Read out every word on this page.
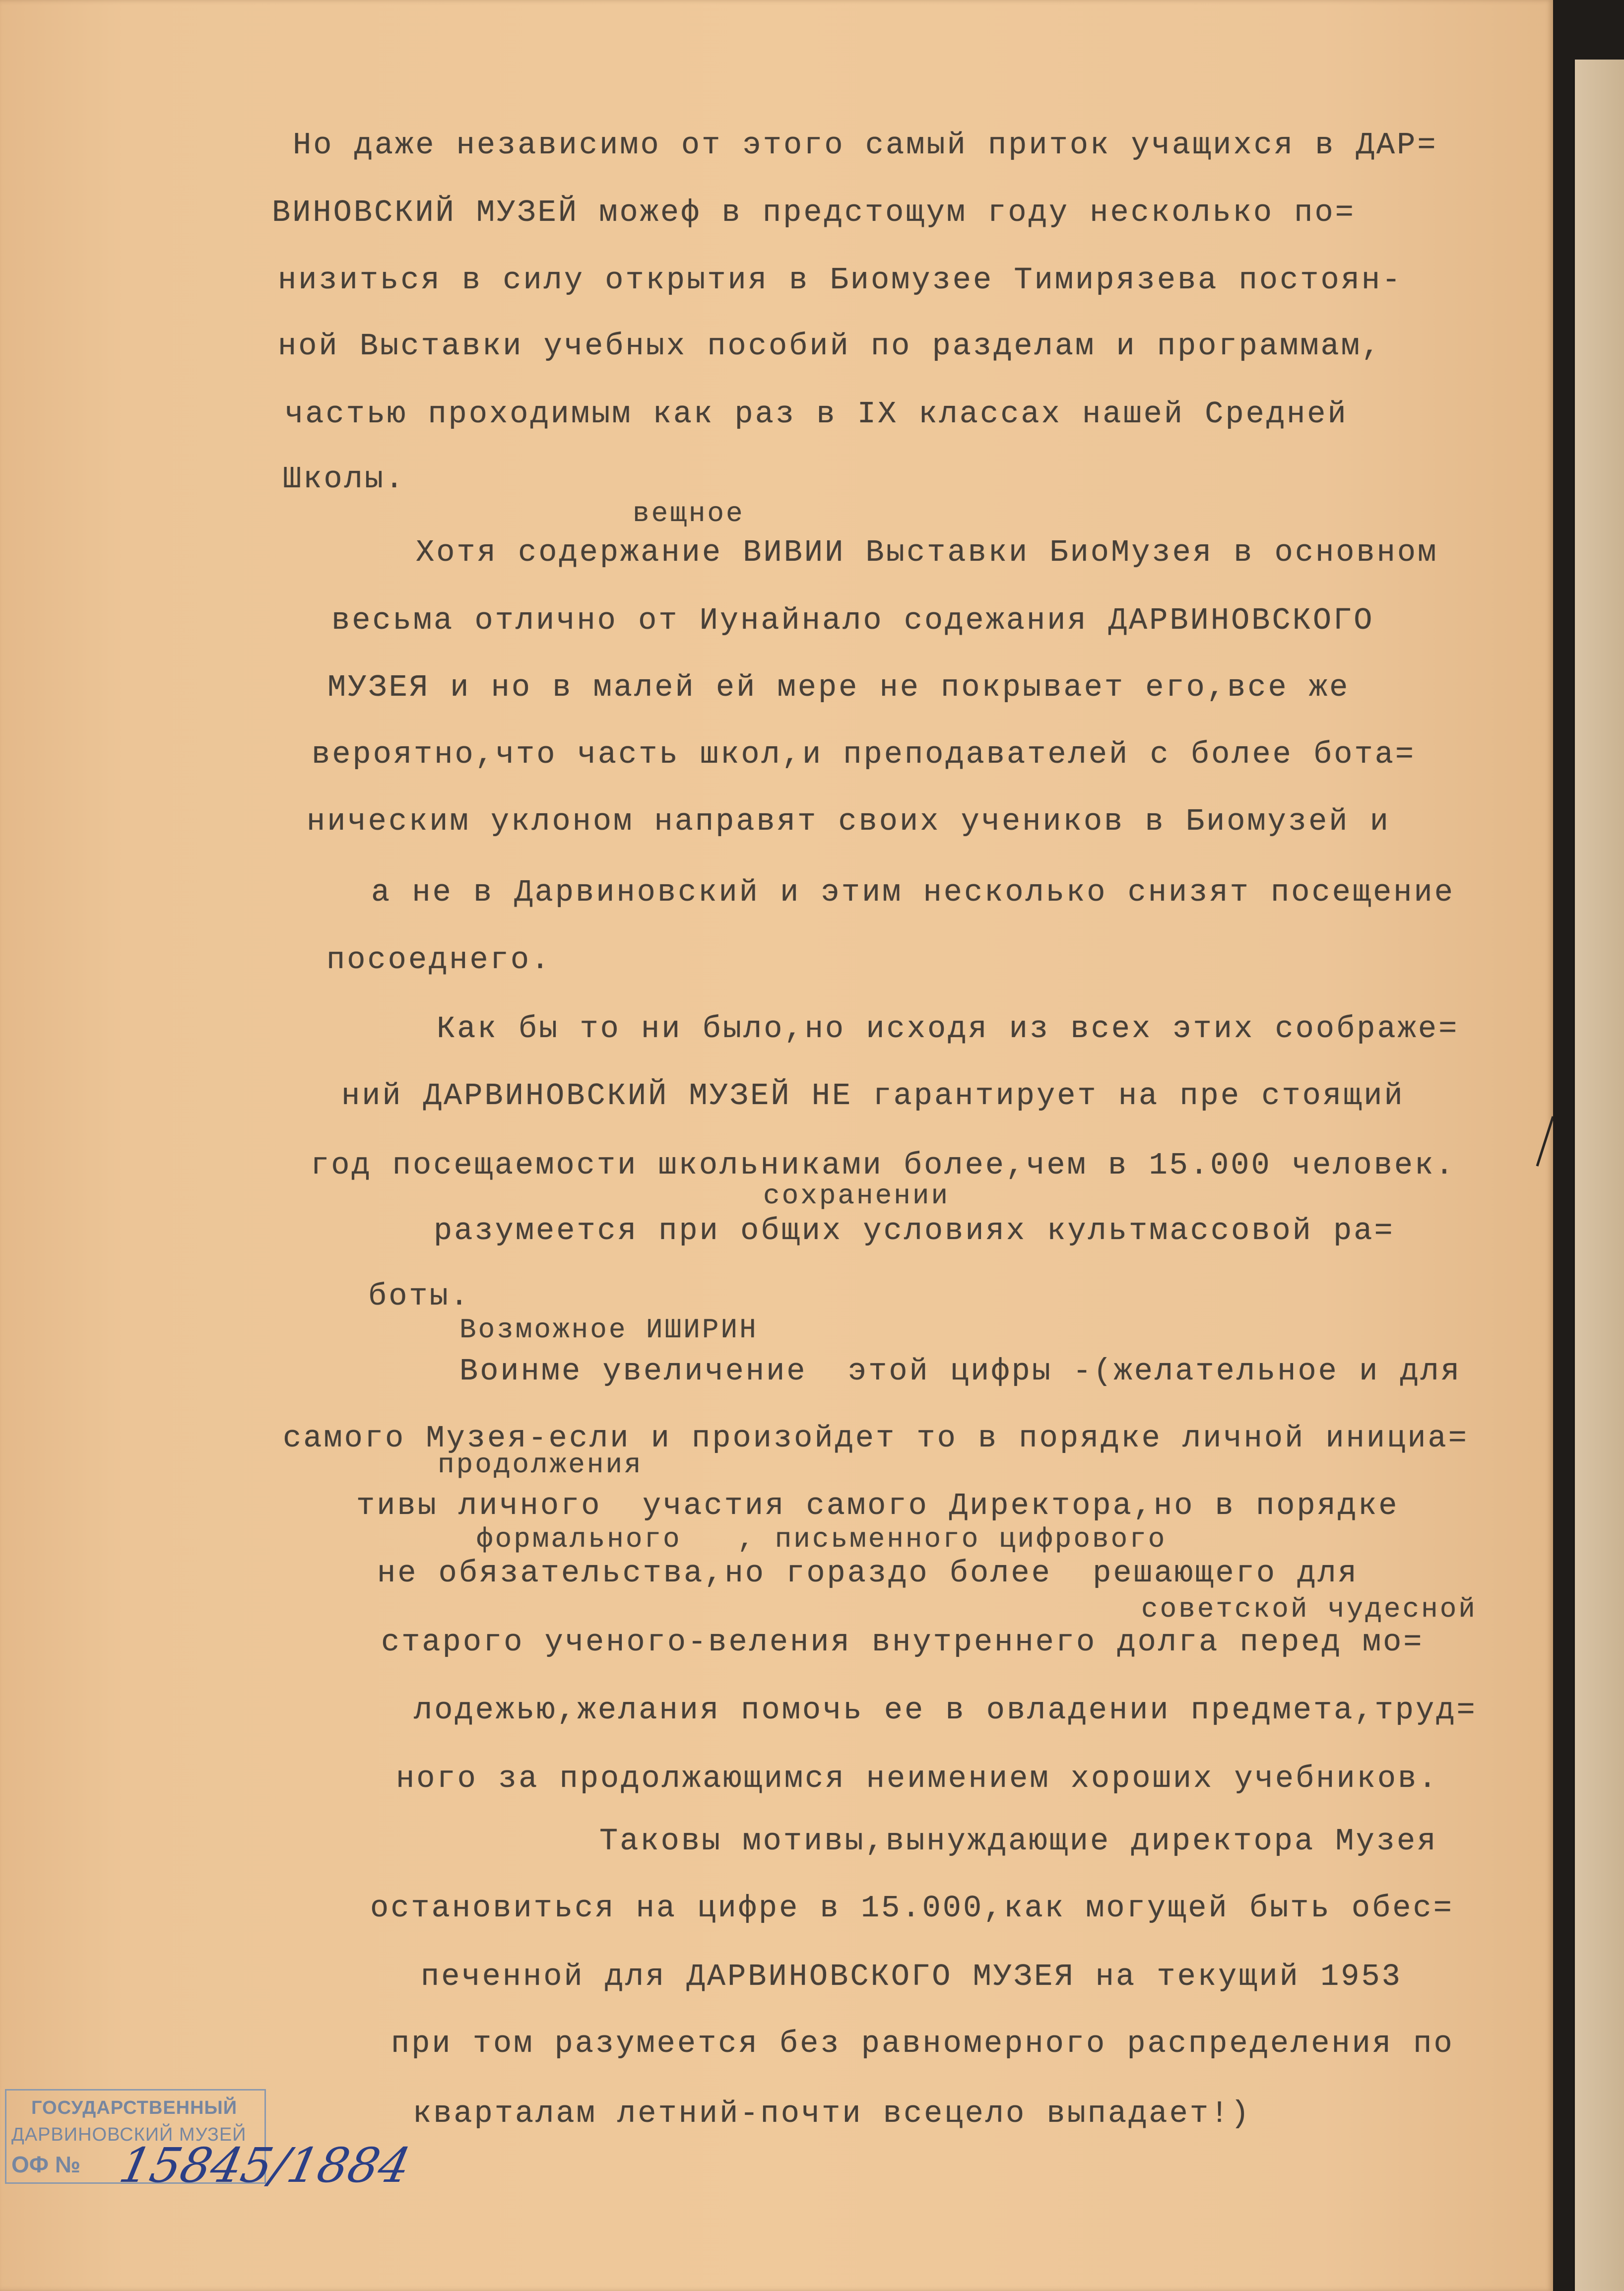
Но даже независимо от этого самый приток учащихся в ДАР=

ВИНОВСКИЙ МУЗЕЙ можеф в предстощум году несколько по=

низиться в силу открытия в Биомузее Тимирязева постоян-

ной Выставки учебных пособий по разделам и программам,

частью проходимым как раз в IX классах нашей Средней

Школы.

вещное

Хотя содержание ВИВИИ Выставки БиоМузея в основном

весьма отлично от Иунайнало содежания ДАРВИНОВСКОГО

МУЗЕЯ и но в малей ей мере не покрывает его,все же

вероятно,что часть школ,и преподавателей с более бота=

ническим уклоном направят своих учеников в Биомузей и

а не в Дарвиновский и этим несколько снизят посещение

посоеднего.

Как бы то ни было,но исходя из всех этих соображе=

ний ДАРВИНОВСКИЙ МУЗЕЙ НЕ гарантирует на пре стоящий

год посещаемости школьниками более,чем в 15.000 человек.

сохранении

разумеется при общих условиях культмассовой ра=

боты.

Возможное ИШИРИН

Воинме увеличение  этой цифры -(желательное и для

самого Музея-если и произойдет то в порядке личной инициа=

продолжения

тивы личного  участия самого Директора,но в порядке

формального   , письменного цифрового

не обязательства,но гораздо более  решающего для

советской чудесной

старого ученого-веления внутреннего долга перед мо=

лодежью,желания помочь ее в овладении предмета,труд=

ного за продолжающимся неимением хороших учебников.

Таковы мотивы,вынуждающие директора Музея

остановиться на цифре в 15.000,как могущей быть обес=

печенной для ДАРВИНОВСКОГО МУЗЕЯ на текущий 1953

при том разумеется без равномерного распределения по

кварталам летний-почти всецело выпадает!)

ГОСУДАРСТВЕННЫЙ
ДАРВИНОВСКИЙ МУЗЕЙ
ОФ № 15845/1884
